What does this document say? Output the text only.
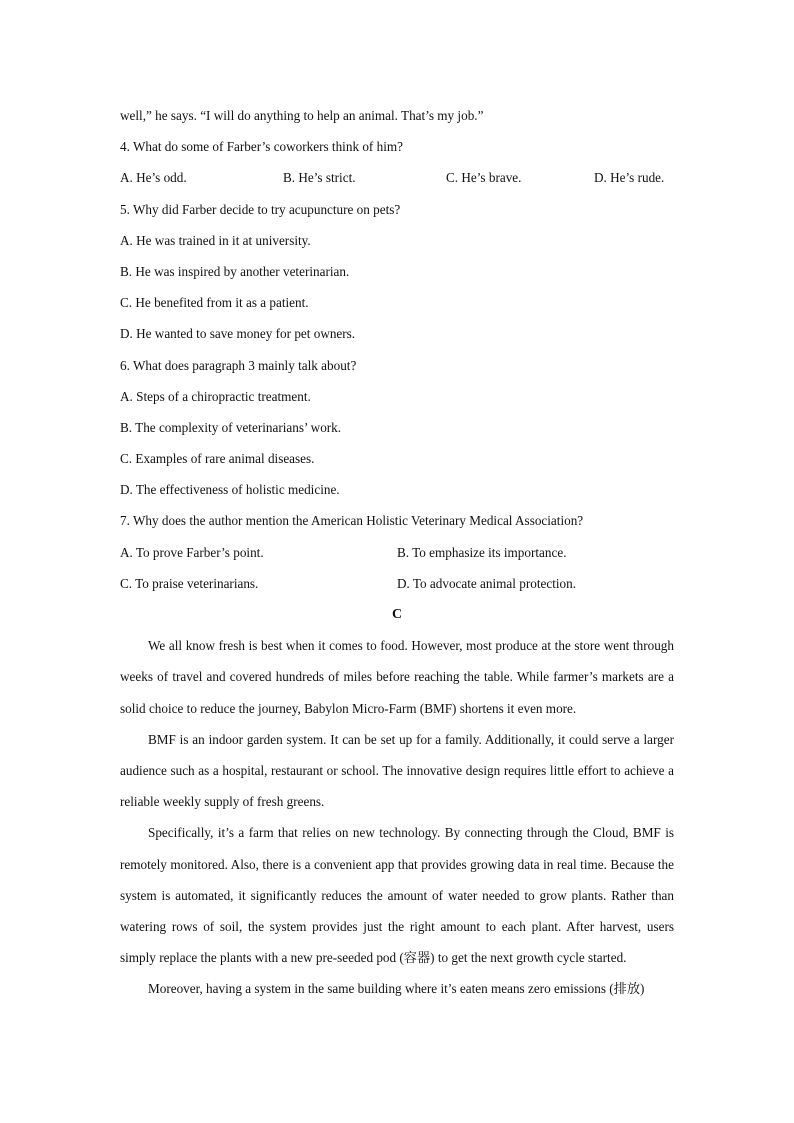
well,” he says. “I will do anything to help an animal. That’s my job.”
4. What do some of Farber’s coworkers think of him?
A. He’s odd.	B. He’s strict.	C. He’s brave.	D. He’s rude.
5. Why did Farber decide to try acupuncture on pets?
A. He was trained in it at university.
B. He was inspired by another veterinarian.
C. He benefited from it as a patient.
D. He wanted to save money for pet owners.
6. What does paragraph 3 mainly talk about?
A. Steps of a chiropractic treatment.
B. The complexity of veterinarians’ work.
C. Examples of rare animal diseases.
D. The effectiveness of holistic medicine.
7. Why does the author mention the American Holistic Veterinary Medical Association?
A. To prove Farber’s point.	B. To emphasize its importance.
C. To praise veterinarians.	D. To advocate animal protection.
C

We all know fresh is best when it comes to food. However, most produce at the store went through weeks of travel and covered hundreds of miles before reaching the table. While farmer’s markets are a solid choice to reduce the journey, Babylon Micro-Farm (BMF) shortens it even more.

BMF is an indoor garden system. It can be set up for a family. Additionally, it could serve a larger audience such as a hospital, restaurant or school. The innovative design requires little effort to achieve a reliable weekly supply of fresh greens.

Specifically, it’s a farm that relies on new technology. By connecting through the Cloud, BMF is remotely monitored. Also, there is a convenient app that provides growing data in real time. Because the system is automated, it significantly reduces the amount of water needed to grow plants. Rather than watering rows of soil, the system provides just the right amount to each plant. After harvest, users simply replace the plants with a new pre-seeded pod (容器) to get the next growth cycle started.

Moreover, having a system in the same building where it’s eaten means zero emissions (排放)
